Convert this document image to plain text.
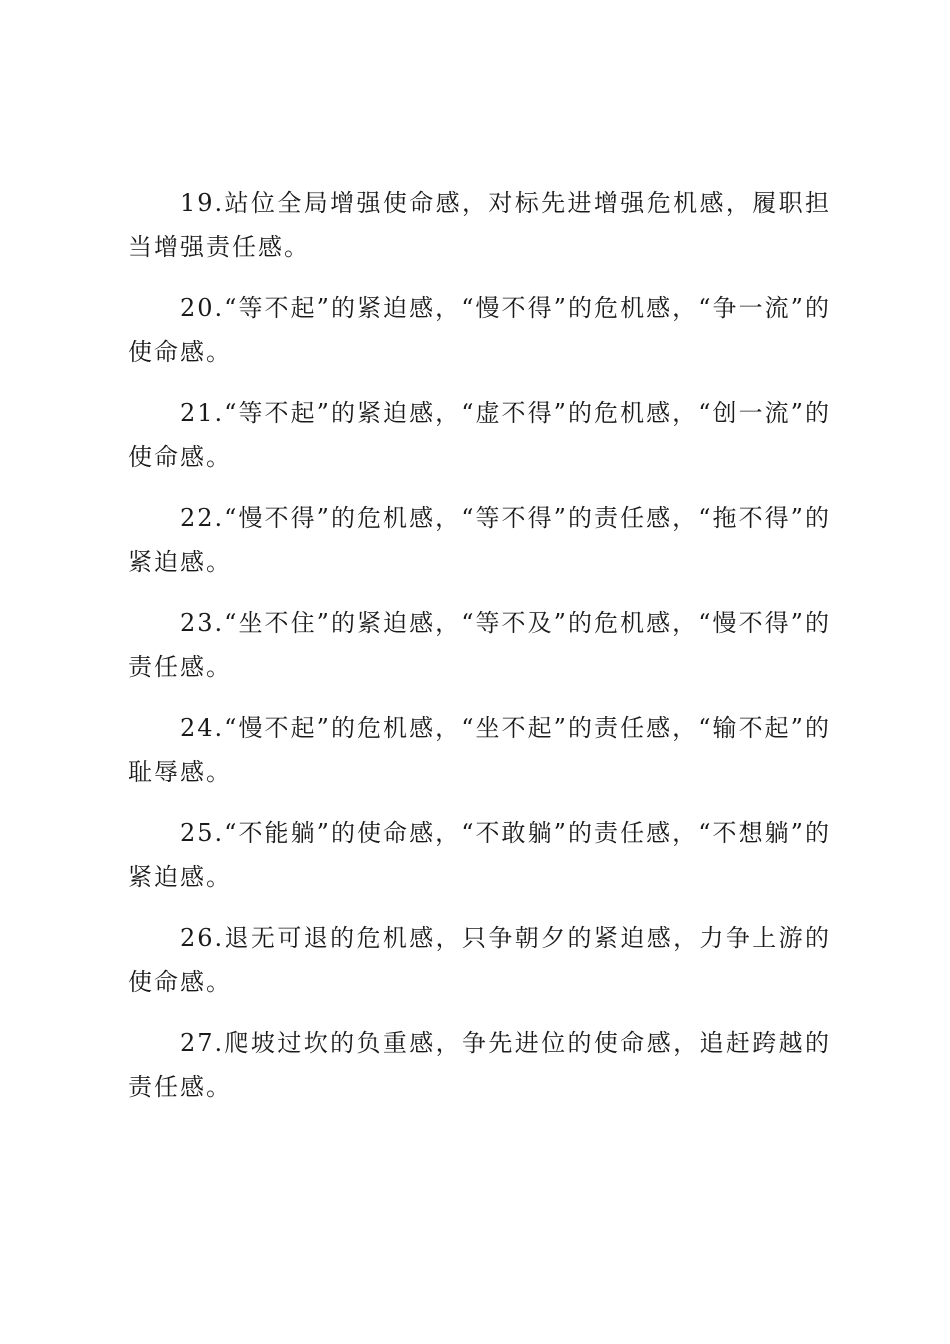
19.站位全局增强使命感，对标先进增强危机感，履职担当增强责任感。

20.“等不起”的紧迫感，“慢不得”的危机感，“争一流”的使命感。

21.“等不起”的紧迫感，“虚不得”的危机感，“创一流”的使命感。

22.“慢不得”的危机感，“等不得”的责任感，“拖不得”的紧迫感。

23.“坐不住”的紧迫感，“等不及”的危机感，“慢不得”的责任感。

24.“慢不起”的危机感，“坐不起”的责任感，“输不起”的耻辱感。

25.“不能躺”的使命感，“不敢躺”的责任感，“不想躺”的紧迫感。

26.退无可退的危机感，只争朝夕的紧迫感，力争上游的使命感。

27.爬坡过坎的负重感，争先进位的使命感，追赶跨越的责任感。
